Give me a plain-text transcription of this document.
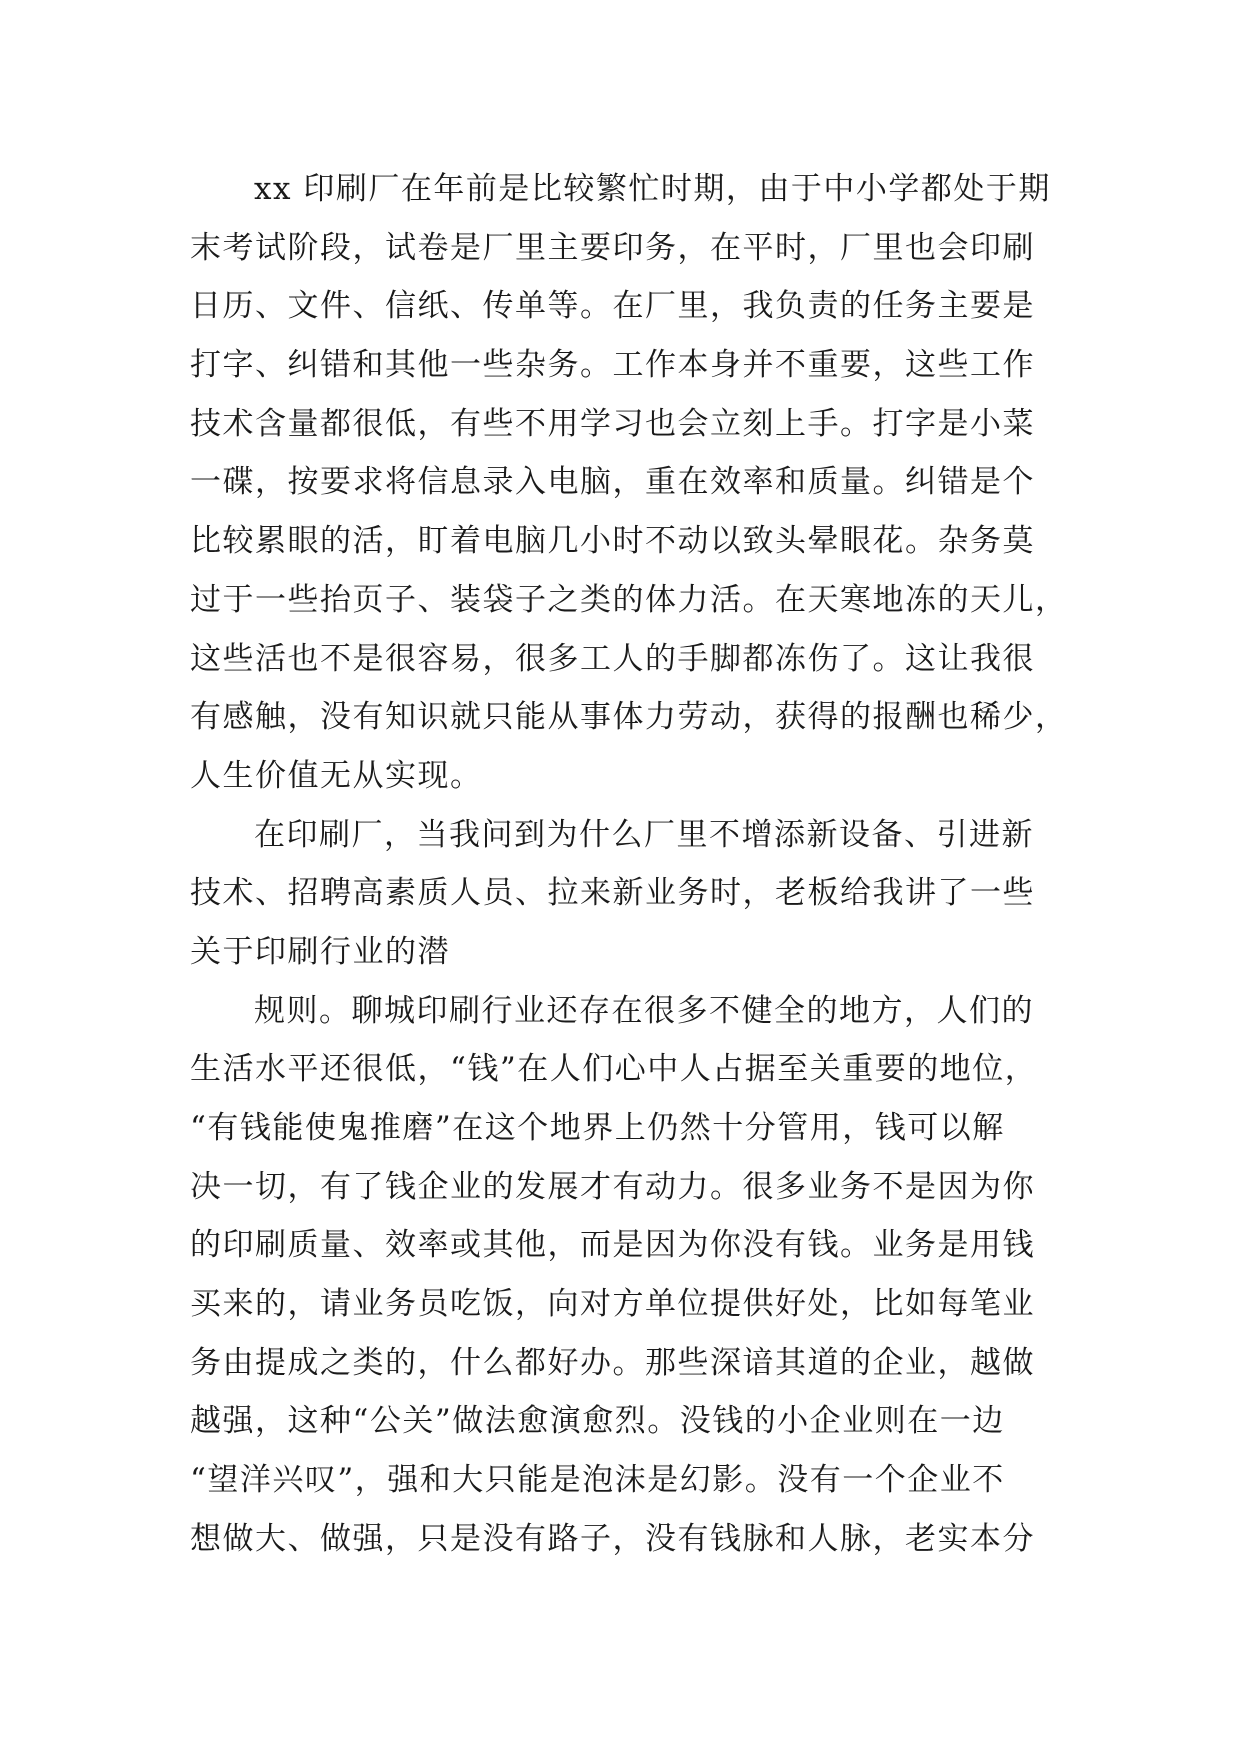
xx 印刷厂在年前是比较繁忙时期，由于中小学都处于期
末考试阶段，试卷是厂里主要印务，在平时，厂里也会印刷
日历、文件、信纸、传单等。在厂里，我负责的任务主要是
打字、纠错和其他一些杂务。工作本身并不重要，这些工作
技术含量都很低，有些不用学习也会立刻上手。打字是小菜
一碟，按要求将信息录入电脑，重在效率和质量。纠错是个
比较累眼的活，盯着电脑几小时不动以致头晕眼花。杂务莫
过于一些抬页子、装袋子之类的体力活。在天寒地冻的天儿，
这些活也不是很容易，很多工人的手脚都冻伤了。这让我很
有感触，没有知识就只能从事体力劳动，获得的报酬也稀少，
人生价值无从实现。
在印刷厂，当我问到为什么厂里不增添新设备、引进新
技术、招聘高素质人员、拉来新业务时，老板给我讲了一些
关于印刷行业的潜
规则。聊城印刷行业还存在很多不健全的地方，人们的
生活水平还很低，“钱”在人们心中人占据至关重要的地位，
“有钱能使鬼推磨”在这个地界上仍然十分管用，钱可以解
决一切，有了钱企业的发展才有动力。很多业务不是因为你
的印刷质量、效率或其他，而是因为你没有钱。业务是用钱
买来的，请业务员吃饭，向对方单位提供好处，比如每笔业
务由提成之类的，什么都好办。那些深谙其道的企业，越做
越强，这种“公关”做法愈演愈烈。没钱的小企业则在一边
“望洋兴叹”，强和大只能是泡沫是幻影。没有一个企业不
想做大、做强，只是没有路子，没有钱脉和人脉，老实本分
